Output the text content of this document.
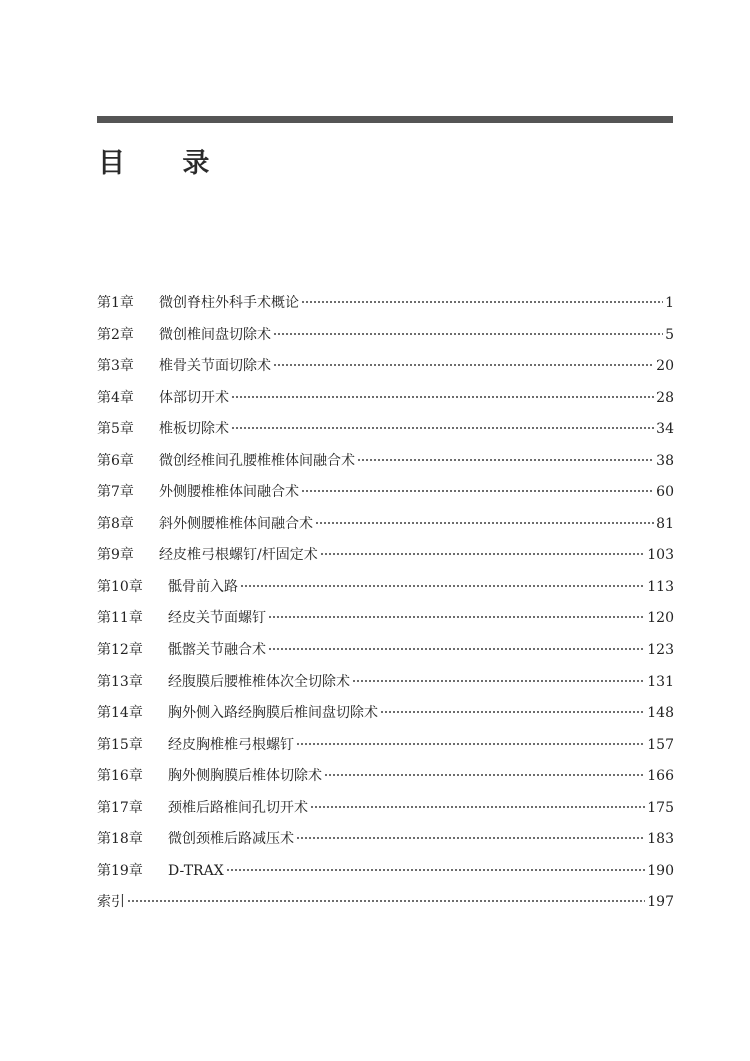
目 录
第1章	微创脊柱外科手术概论	1
第2章	微创椎间盘切除术	5
第3章	椎骨关节面切除术	20
第4章	体部切开术	28
第5章	椎板切除术	34
第6章	微创经椎间孔腰椎椎体间融合术	38
第7章	外侧腰椎椎体间融合术	60
第8章	斜外侧腰椎椎体间融合术	81
第9章	经皮椎弓根螺钉/杆固定术	103
第10章	骶骨前入路	113
第11章	经皮关节面螺钉	120
第12章	骶髂关节融合术	123
第13章	经腹膜后腰椎椎体次全切除术	131
第14章	胸外侧入路经胸膜后椎间盘切除术	148
第15章	经皮胸椎椎弓根螺钉	157
第16章	胸外侧胸膜后椎体切除术	166
第17章	颈椎后路椎间孔切开术	175
第18章	微创颈椎后路减压术	183
第19章	D-TRAX	190
索引	197
